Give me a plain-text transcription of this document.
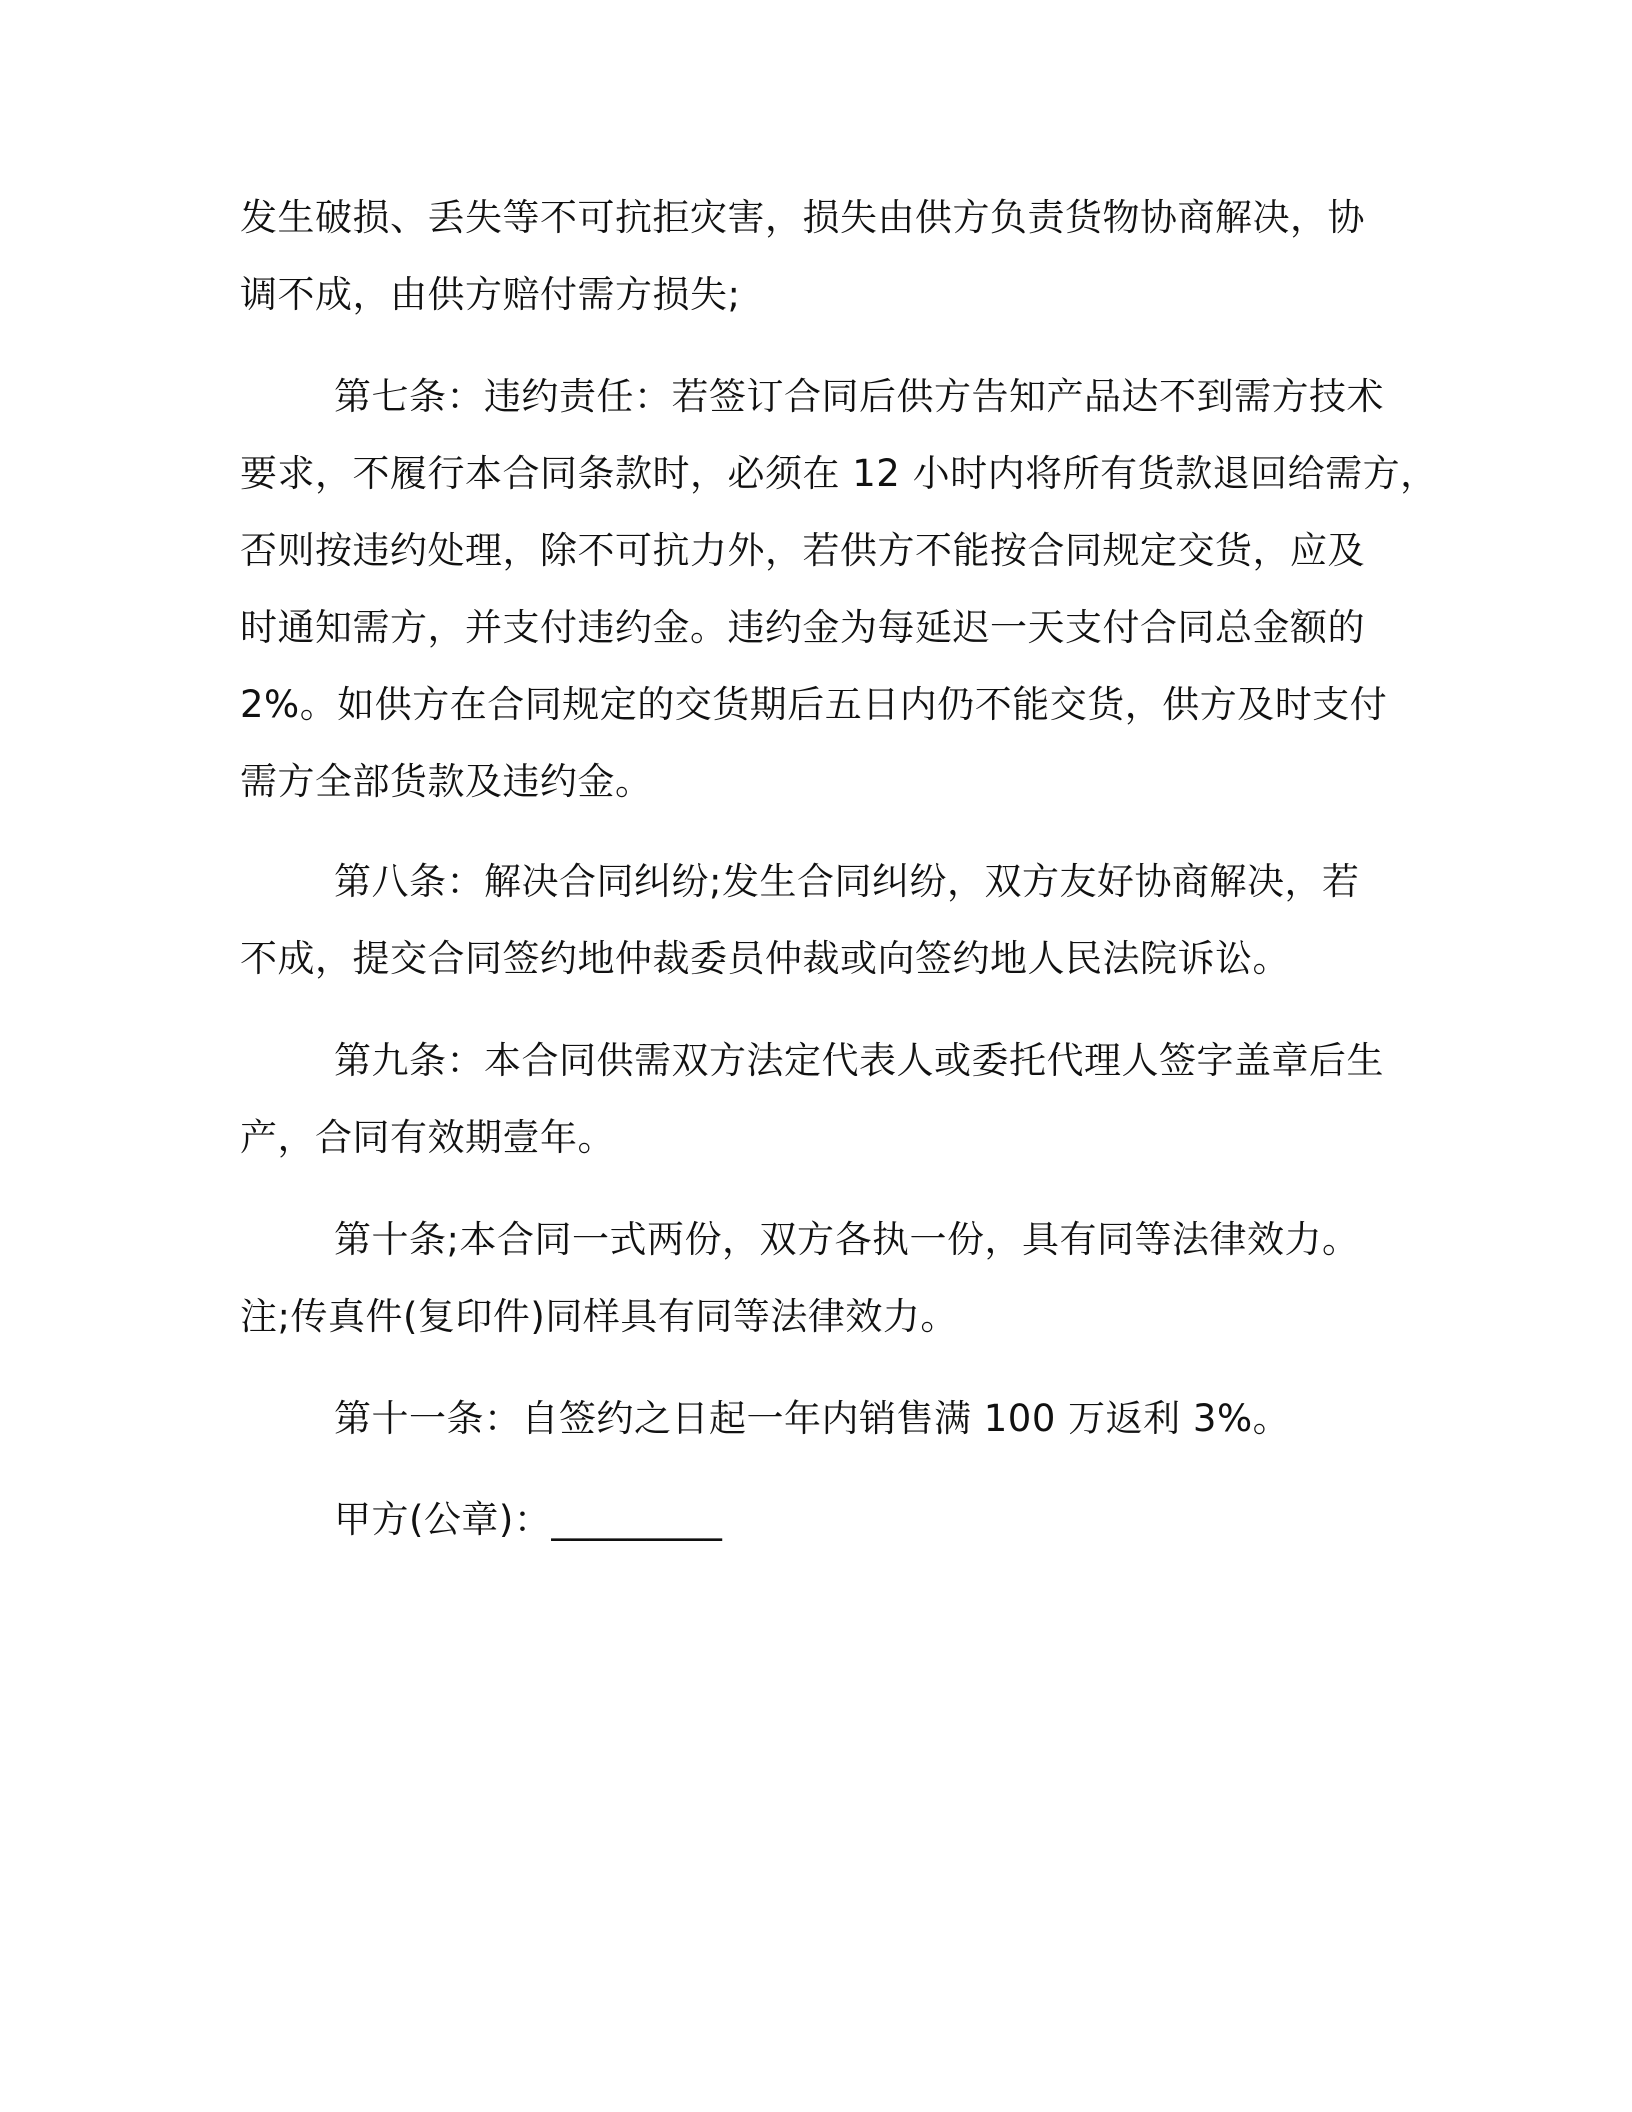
发生破损、丢失等不可抗拒灾害，损失由供方负责货物协商解决，协
调不成，由供方赔付需方损失;
第七条：违约责任：若签订合同后供方告知产品达不到需方技术
要求，不履行本合同条款时，必须在 12 小时内将所有货款退回给需方，
否则按违约处理，除不可抗力外，若供方不能按合同规定交货，应及
时通知需方，并支付违约金。违约金为每延迟一天支付合同总金额的
2%。如供方在合同规定的交货期后五日内仍不能交货，供方及时支付
需方全部货款及违约金。
第八条：解决合同纠纷;发生合同纠纷，双方友好协商解决，若
不成，提交合同签约地仲裁委员仲裁或向签约地人民法院诉讼。
第九条：本合同供需双方法定代表人或委托代理人签字盖章后生
产，合同有效期壹年。
第十条;本合同一式两份，双方各执一份，具有同等法律效力。
注;传真件(复印件)同样具有同等法律效力。
第十一条：自签约之日起一年内销售满 100 万返利 3%。
甲方(公章)：_________
